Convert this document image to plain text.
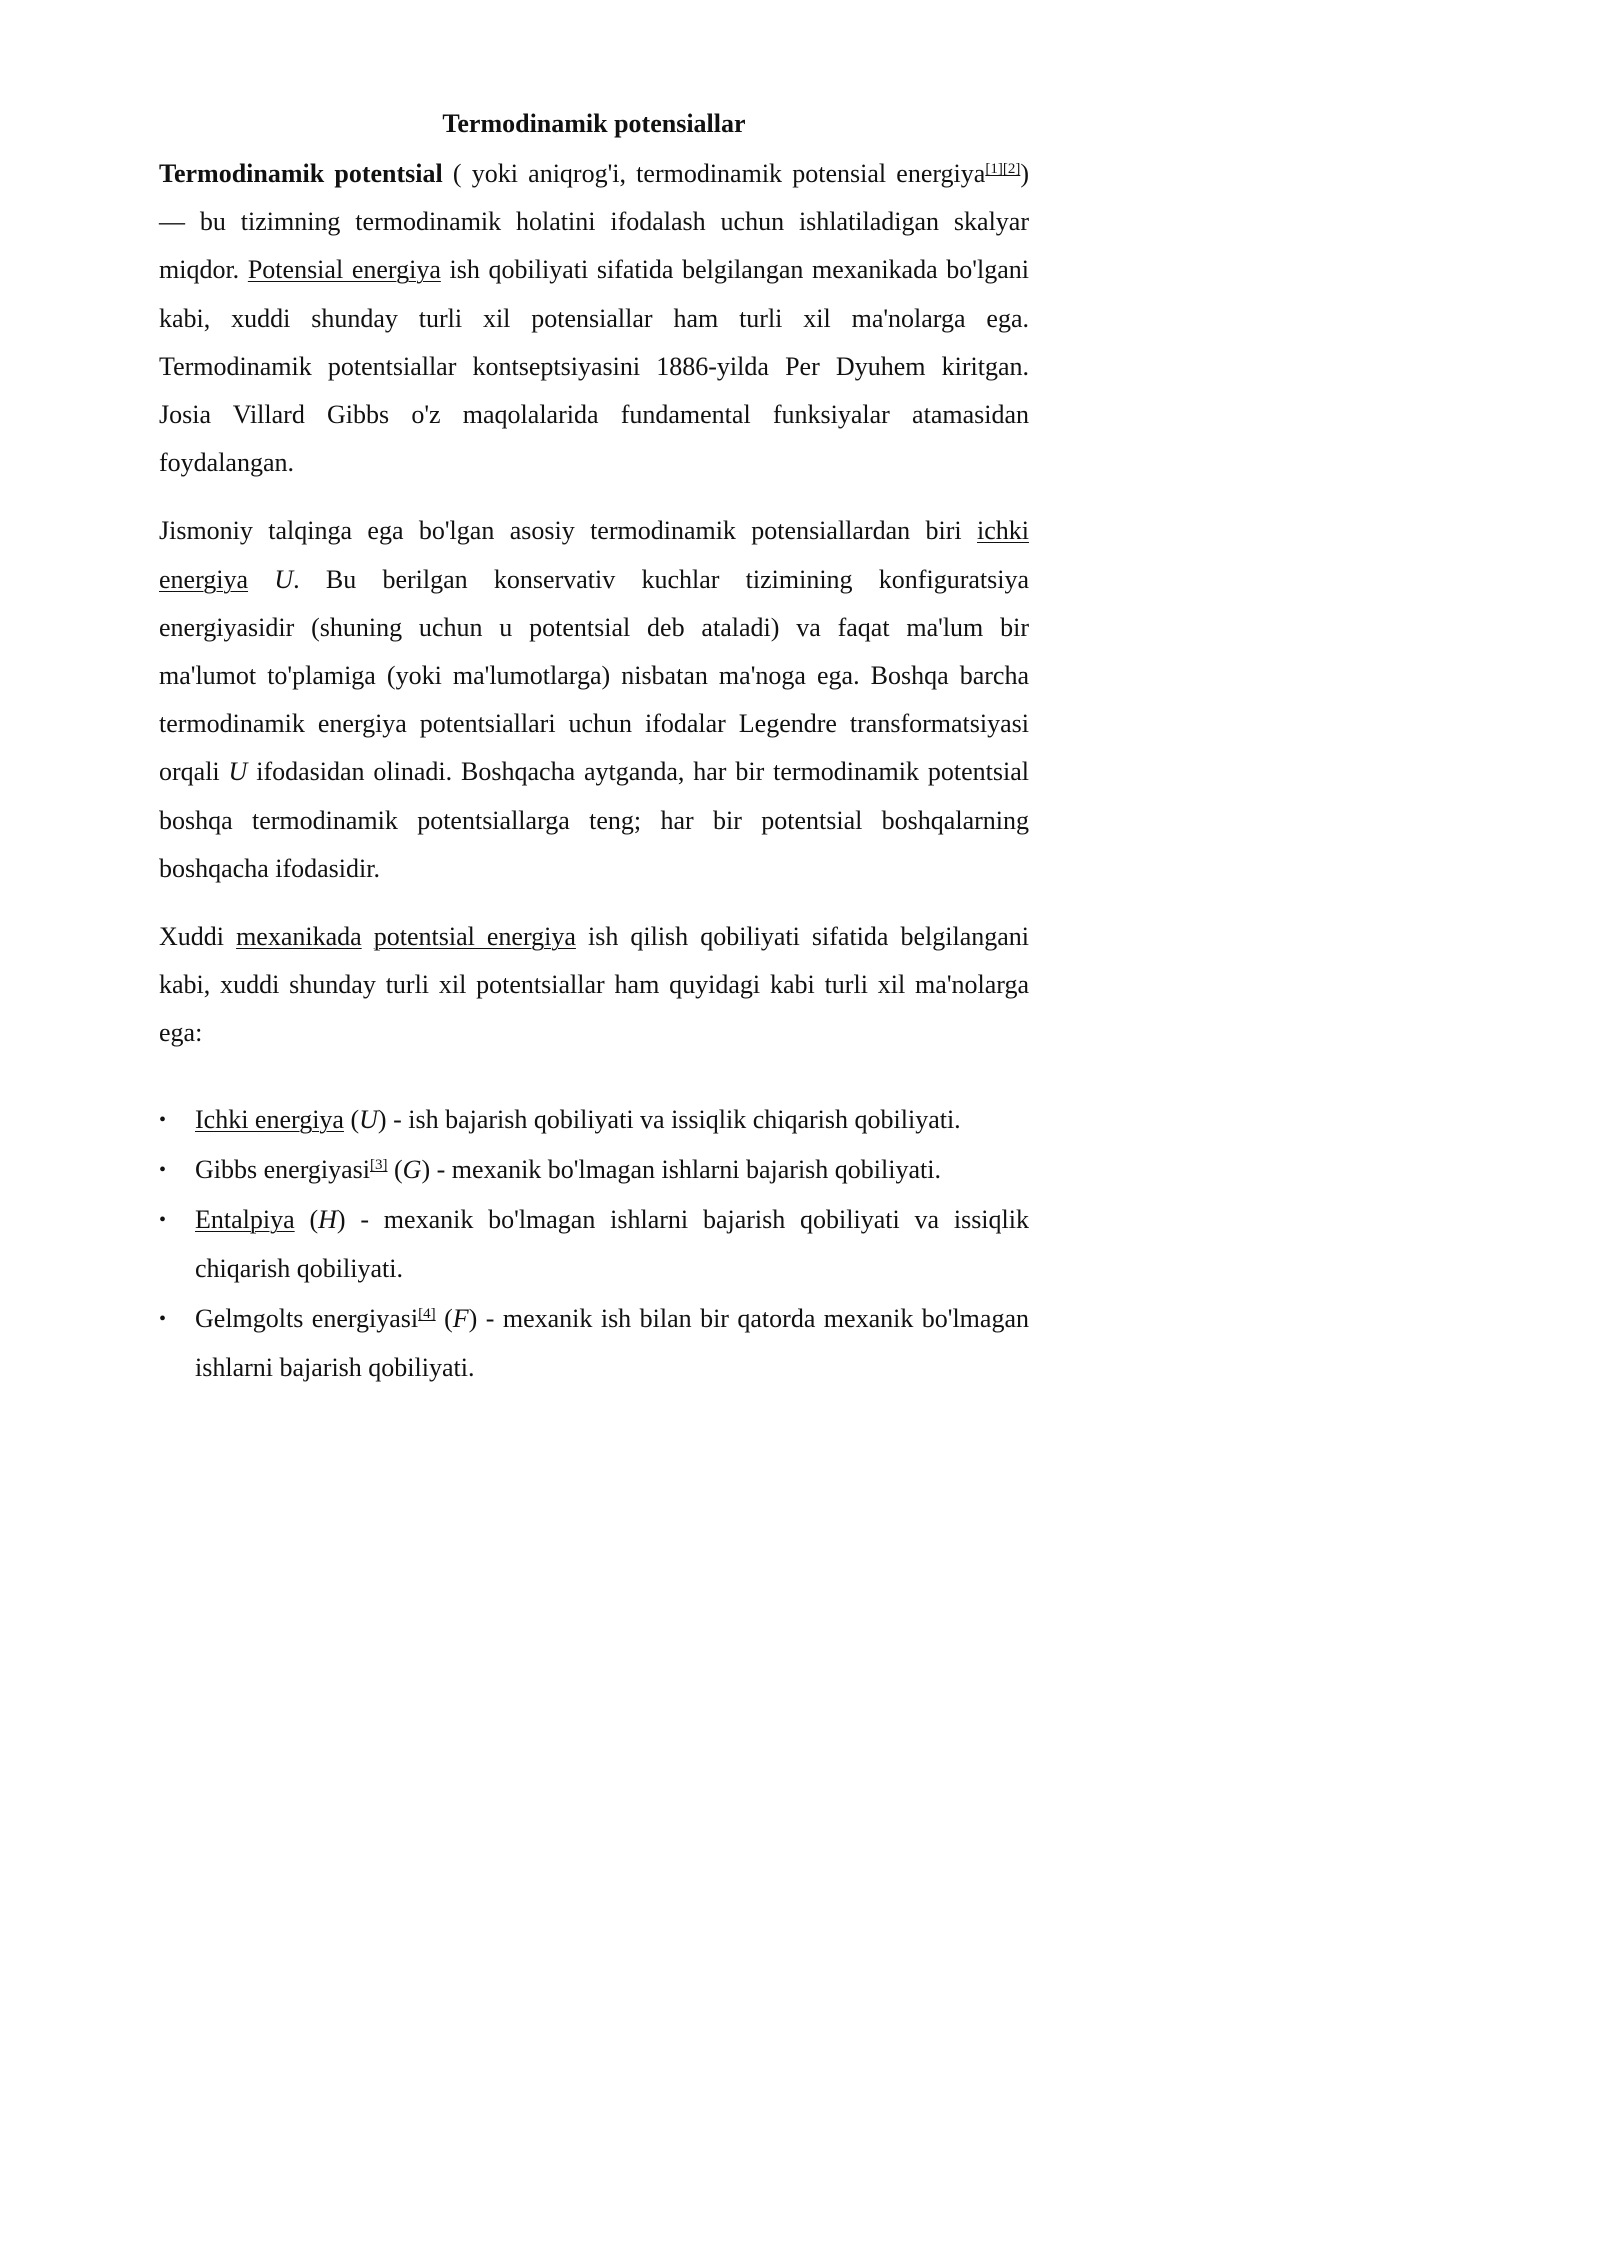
Termodinamik potensiallar

Termodinamik potentsial ( yoki aniqrog'i, termodinamik potensial energiya[1][2]) — bu tizimning termodinamik holatini ifodalash uchun ishlatiladigan skalyar miqdor. Potensial energiya ish qobiliyati sifatida belgilangan mexanikada bo'lgani kabi, xuddi shunday turli xil potensiallar ham turli xil ma'nolarga ega. Termodinamik potentsiallar kontseptsiyasini 1886-yilda Per Dyuhem kiritgan. Josia Villard Gibbs o'z maqolalarida fundamental funksiyalar atamasidan foydalangan.

Jismoniy talqinga ega bo'lgan asosiy termodinamik potensiallardan biri ichki energiya U. Bu berilgan konservativ kuchlar tizimining konfiguratsiya energiyasidir (shuning uchun u potentsial deb ataladi) va faqat ma'lum bir ma'lumot to'plamiga (yoki ma'lumotlarga) nisbatan ma'noga ega. Boshqa barcha termodinamik energiya potentsiallari uchun ifodalar Legendre transformatsiyasi orqali U ifodasidan olinadi. Boshqacha aytganda, har bir termodinamik potentsial boshqa termodinamik potentsiallarga teng; har bir potentsial boshqalarning boshqacha ifodasidir.

Xuddi mexanikada potentsial energiya ish qilish qobiliyati sifatida belgilangani kabi, xuddi shunday turli xil potentsiallar ham quyidagi kabi turli xil ma'nolarga ega:

• Ichki energiya (U) - ish bajarish qobiliyati va issiqlik chiqarish qobiliyati.
• Gibbs energiyasi[3] (G) - mexanik bo'lmagan ishlarni bajarish qobiliyati.
• Entalpiya (H) - mexanik bo'lmagan ishlarni bajarish qobiliyati va issiqlik chiqarish qobiliyati.
• Gelmgolts energiyasi[4] (F) - mexanik ish bilan bir qatorda mexanik bo'lmagan ishlarni bajarish qobiliyati.
